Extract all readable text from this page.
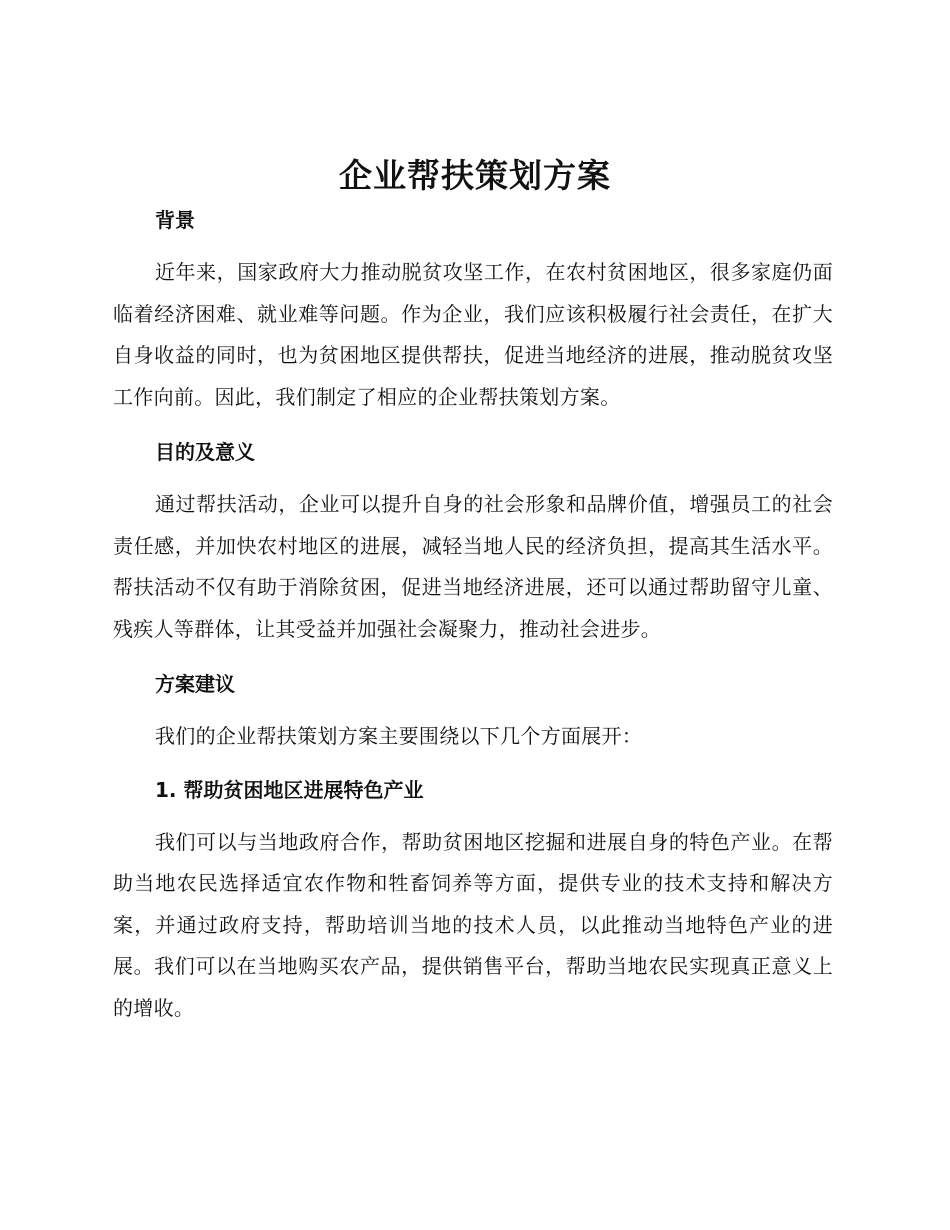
企业帮扶策划方案

背景

近年来，国家政府大力推动脱贫攻坚工作，在农村贫困地区，很多家庭仍面临着经济困难、就业难等问题。作为企业，我们应该积极履行社会责任，在扩大自身收益的同时，也为贫困地区提供帮扶，促进当地经济的进展，推动脱贫攻坚工作向前。因此，我们制定了相应的企业帮扶策划方案。

目的及意义

通过帮扶活动，企业可以提升自身的社会形象和品牌价值，增强员工的社会责任感，并加快农村地区的进展，减轻当地人民的经济负担，提高其生活水平。帮扶活动不仅有助于消除贫困，促进当地经济进展，还可以通过帮助留守儿童、残疾人等群体，让其受益并加强社会凝聚力，推动社会进步。

方案建议

我们的企业帮扶策划方案主要围绕以下几个方面展开：

1. 帮助贫困地区进展特色产业

我们可以与当地政府合作，帮助贫困地区挖掘和进展自身的特色产业。在帮助当地农民选择适宜农作物和牲畜饲养等方面，提供专业的技术支持和解决方案，并通过政府支持，帮助培训当地的技术人员，以此推动当地特色产业的进展。我们可以在当地购买农产品，提供销售平台，帮助当地农民实现真正意义上的增收。
